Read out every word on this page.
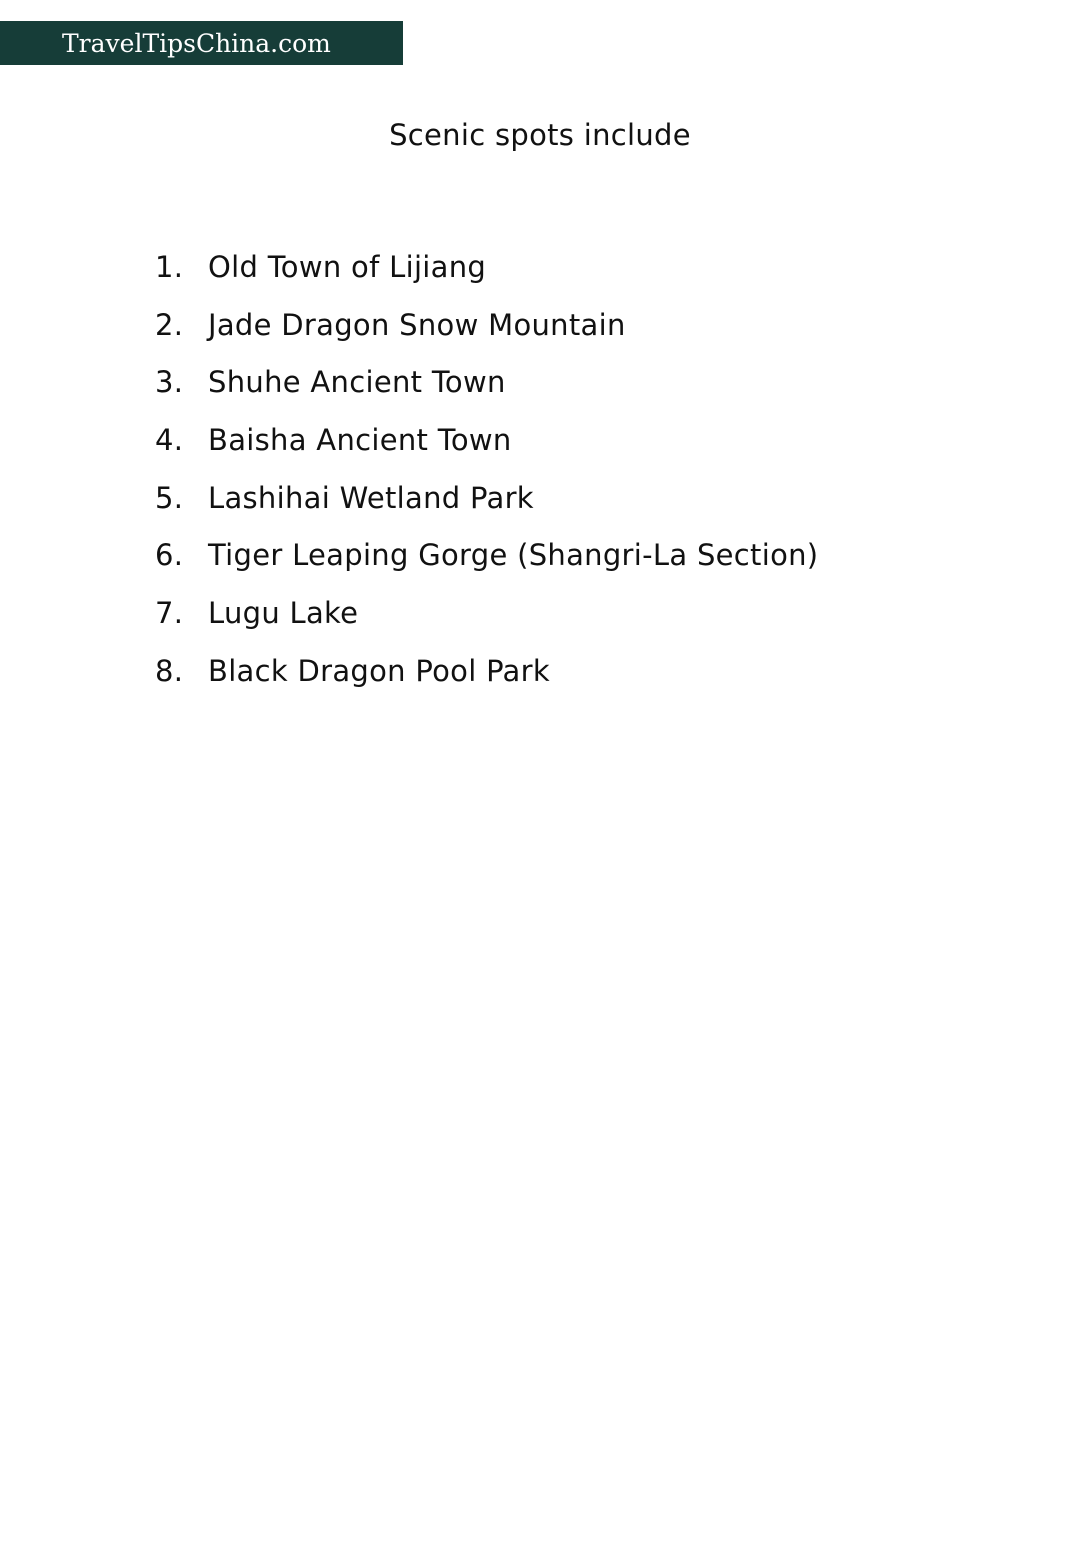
TravelTipsChina.com
Scenic spots include
1. Old Town of Lijiang
2. Jade Dragon Snow Mountain
3. Shuhe Ancient Town
4. Baisha Ancient Town
5. Lashihai Wetland Park
6. Tiger Leaping Gorge (Shangri-La Section)
7. Lugu Lake
8. Black Dragon Pool Park
